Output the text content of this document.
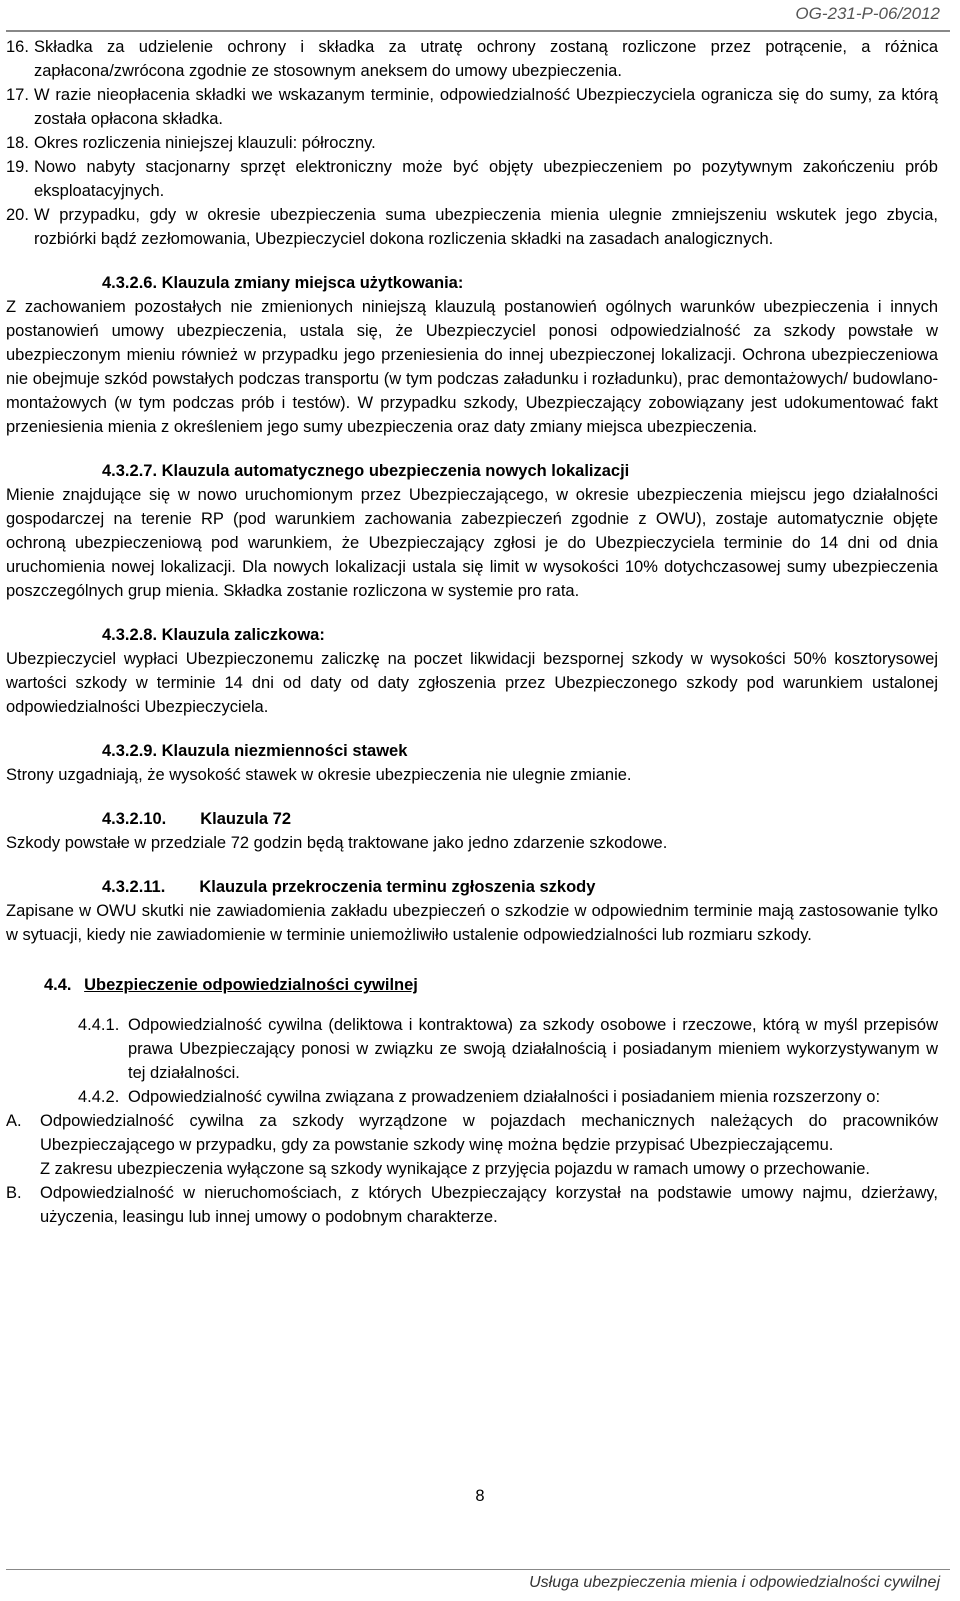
OG-231-P-06/2012
16. Składka za udzielenie ochrony i składka za utratę ochrony zostaną rozliczone przez potrącenie, a różnica zapłacona/zwrócona zgodnie ze stosownym aneksem do umowy ubezpieczenia.
17. W razie nieopłacenia składki we wskazanym terminie, odpowiedzialność Ubezpieczyciela ogranicza się do sumy, za którą została opłacona składka.
18. Okres rozliczenia niniejszej klauzuli: półroczny.
19. Nowo nabyty stacjonarny sprzęt elektroniczny może być objęty ubezpieczeniem po pozytywnym zakończeniu prób eksploatacyjnych.
20. W przypadku, gdy w okresie ubezpieczenia suma ubezpieczenia mienia ulegnie zmniejszeniu wskutek jego zbycia, rozbiórki bądź zezłomowania, Ubezpieczyciel dokona rozliczenia składki na zasadach analogicznych.
4.3.2.6. Klauzula zmiany miejsca użytkowania:

Z zachowaniem pozostałych nie zmienionych niniejszą klauzulą postanowień ogólnych warunków ubezpieczenia i innych postanowień umowy ubezpieczenia, ustala się, że Ubezpieczyciel ponosi odpowiedzialność za szkody powstałe w ubezpieczonym mieniu również w przypadku jego przeniesienia do innej ubezpieczonej lokalizacji. Ochrona ubezpieczeniowa nie obejmuje szkód powstałych podczas transportu (w tym podczas załadunku i rozładunku), prac demontażowych/ budowlano-montażowych (w tym podczas prób i testów). W przypadku szkody, Ubezpieczający zobowiązany jest udokumentować fakt przeniesienia mienia z określeniem jego sumy ubezpieczenia oraz daty zmiany miejsca ubezpieczenia.

4.3.2.7. Klauzula automatycznego ubezpieczenia nowych lokalizacji

Mienie znajdujące się w nowo uruchomionym przez Ubezpieczającego, w okresie ubezpieczenia miejscu jego działalności gospodarczej na terenie RP (pod warunkiem zachowania zabezpieczeń zgodnie z OWU), zostaje automatycznie objęte ochroną ubezpieczeniową pod warunkiem, że Ubezpieczający zgłosi je do Ubezpieczyciela terminie do 14 dni od dnia uruchomienia nowej lokalizacji. Dla nowych lokalizacji ustala się limit w wysokości 10% dotychczasowej sumy ubezpieczenia poszczególnych grup mienia. Składka zostanie rozliczona w systemie pro rata.

4.3.2.8. Klauzula zaliczkowa:

Ubezpieczyciel wypłaci Ubezpieczonemu zaliczkę na poczet likwidacji bezspornej szkody w wysokości 50% kosztorysowej wartości szkody w terminie 14 dni od daty od daty zgłoszenia przez Ubezpieczonego szkody pod warunkiem ustalonej odpowiedzialności Ubezpieczyciela.

4.3.2.9. Klauzula niezmienności stawek

Strony uzgadniają, że wysokość stawek w okresie ubezpieczenia nie ulegnie zmianie.

4.3.2.10. Klauzula 72

Szkody powstałe w przedziale 72 godzin będą traktowane jako jedno zdarzenie szkodowe.

4.3.2.11. Klauzula przekroczenia terminu zgłoszenia szkody

Zapisane w OWU skutki nie zawiadomienia zakładu ubezpieczeń o szkodzie w odpowiednim terminie mają zastosowanie tylko w sytuacji, kiedy nie zawiadomienie w terminie uniemożliwiło ustalenie odpowiedzialności lub rozmiaru szkody.

4.4. Ubezpieczenie odpowiedzialności cywilnej
4.4.1. Odpowiedzialność cywilna (deliktowa i kontraktowa) za szkody osobowe i rzeczowe, którą w myśl przepisów prawa Ubezpieczający ponosi w związku ze swoją działalnością i posiadanym mieniem wykorzystywanym w tej działalności.
4.4.2. Odpowiedzialność cywilna związana z prowadzeniem działalności i posiadaniem mienia rozszerzony o:
A. Odpowiedzialność cywilna za szkody wyrządzone w pojazdach mechanicznych należących do pracowników Ubezpieczającego w przypadku, gdy za powstanie szkody winę można będzie przypisać Ubezpieczającemu.
Z zakresu ubezpieczenia wyłączone są szkody wynikające z przyjęcia pojazdu w ramach umowy o przechowanie.
B. Odpowiedzialność w nieruchomościach, z których Ubezpieczający korzystał na podstawie umowy najmu, dzierżawy, użyczenia, leasingu lub innej umowy o podobnym charakterze.
8
Usługa ubezpieczenia mienia i odpowiedzialności cywilnej
